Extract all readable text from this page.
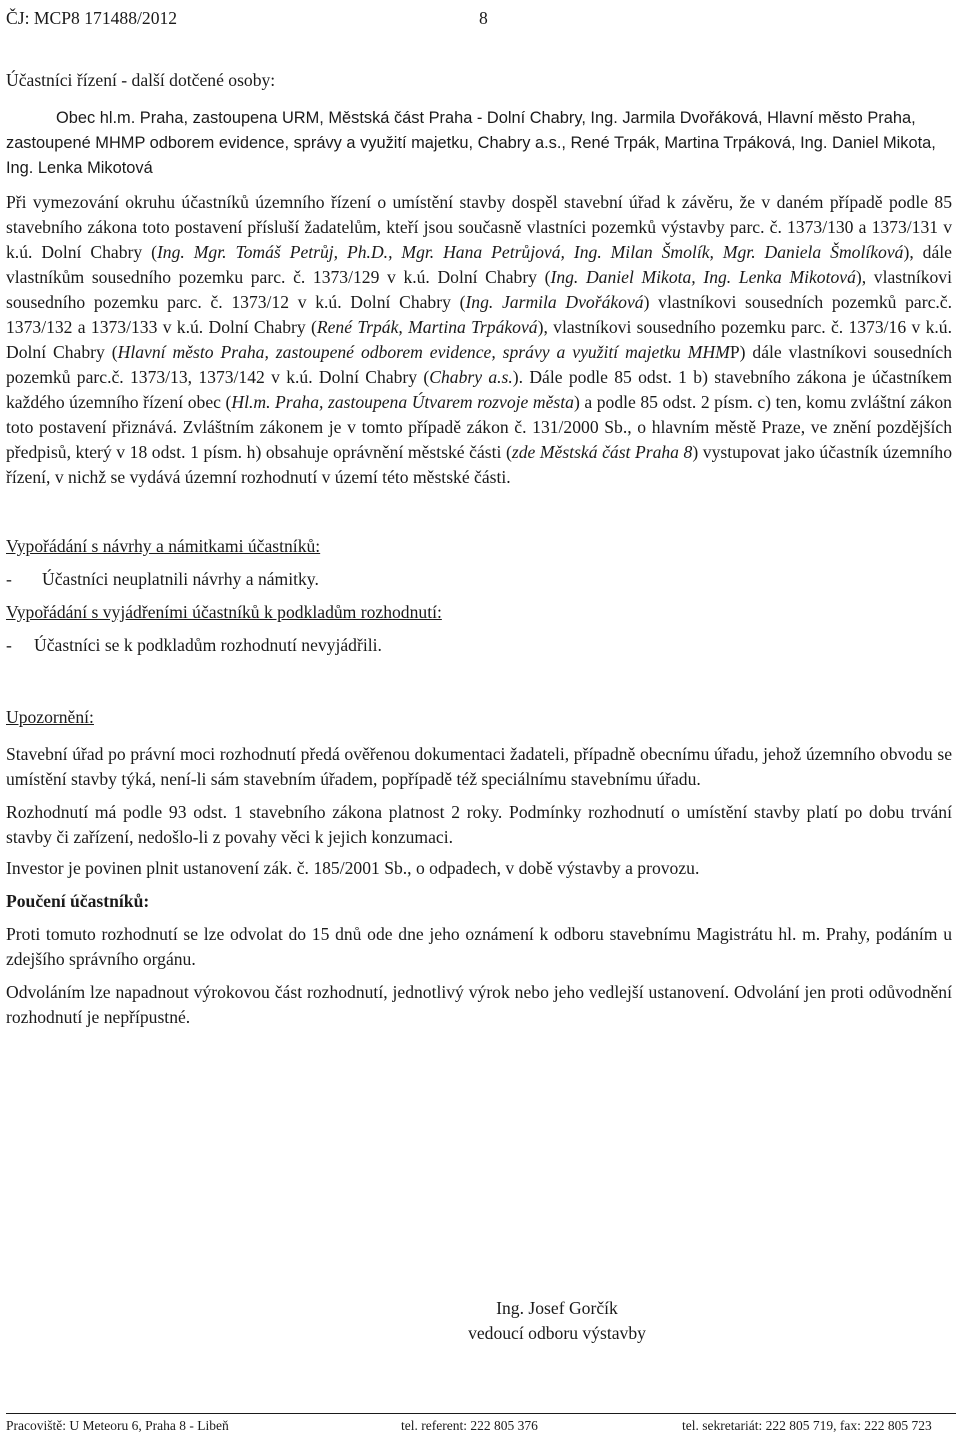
ČJ: MCP8 171488/2012	8

Účastníci řízení - další dotčené osoby:

Obec hl.m. Praha, zastoupena URM, Městská část Praha - Dolní Chabry, Ing. Jarmila Dvořáková, Hlavní město Praha, zastoupené MHMP odborem evidence, správy a využití majetku, Chabry a.s., René Trpák, Martina Trpáková, Ing. Daniel Mikota, Ing. Lenka Mikotová

Při vymezování okruhu účastníků územního řízení o umístění stavby dospěl stavební úřad k závěru, že v daném případě podle 85 stavebního zákona toto postavení přísluší žadatelům, kteří jsou současně vlastníci pozemků výstavby parc. č. 1373/130 a 1373/131 v k.ú. Dolní Chabry (Ing. Mgr. Tomáš Petrůj, Ph.D., Mgr. Hana Petrůjová, Ing. Milan Šmolík, Mgr. Daniela Šmolíková), dále vlastníkům sousedního pozemku parc. č. 1373/129 v k.ú. Dolní Chabry (Ing. Daniel Mikota, Ing. Lenka Mikotová), vlastníkovi sousedního pozemku parc. č. 1373/12 v k.ú. Dolní Chabry (Ing. Jarmila Dvořáková) vlastníkovi sousedních pozemků parc.č. 1373/132 a 1373/133 v k.ú. Dolní Chabry (René Trpák, Martina Trpáková), vlastníkovi sousedního pozemku parc. č. 1373/16 v k.ú. Dolní Chabry (Hlavní město Praha, zastoupené odborem evidence, správy a využití majetku MHMP) dále vlastníkovi sousedních pozemků parc.č. 1373/13, 1373/142 v k.ú. Dolní Chabry (Chabry a.s.). Dále podle 85 odst. 1 b) stavebního zákona je účastníkem každého územního řízení obec (Hl.m. Praha, zastoupena Útvarem rozvoje města) a podle 85 odst. 2 písm. c) ten, komu zvláštní zákon toto postavení přiznává. Zvláštním zákonem je v tomto případě zákon č. 131/2000 Sb., o hlavním městě Praze, ve znění pozdějších předpisů, který v 18 odst. 1 písm. h) obsahuje oprávnění městské části (zde Městská část Praha 8) vystupovat jako účastník územního řízení, v nichž se vydává územní rozhodnutí v území této městské části.

Vypořádání s návrhy a námitkami účastníků:

-	Účastníci neuplatnili návrhy a námitky.

Vypořádání s vyjádřeními účastníků k podkladům rozhodnutí:

-	Účastníci se k podkladům rozhodnutí nevyjádřili.

Upozornění:

Stavební úřad po právní moci rozhodnutí předá ověřenou dokumentaci žadateli, případně obecnímu úřadu, jehož územního obvodu se umístění stavby týká, není-li sám stavebním úřadem, popřípadě též speciálnímu stavebnímu úřadu.

Rozhodnutí má podle 93 odst. 1 stavebního zákona platnost 2 roky. Podmínky rozhodnutí o umístění stavby platí po dobu trvání stavby či zařízení, nedošlo-li z povahy věci k jejich konzumaci.

Investor je povinen plnit ustanovení zák. č. 185/2001 Sb., o odpadech, v době výstavby a provozu.

Poučení účastníků:

Proti tomuto rozhodnutí se lze odvolat do 15 dnů ode dne jeho oznámení k odboru stavebnímu Magistrátu hl. m. Prahy, podáním u zdejšího správního orgánu.

Odvoláním lze napadnout výrokovou část rozhodnutí, jednotlivý výrok nebo jeho vedlejší ustanovení. Odvolání jen proti odůvodnění rozhodnutí je nepřípustné.

Ing. Josef Gorčík
vedoucí odboru výstavby
Pracoviště: U Meteoru 6, Praha 8 - Libeň	tel. referent: 222 805 376	tel. sekretariát: 222 805 719, fax: 222 805 723
